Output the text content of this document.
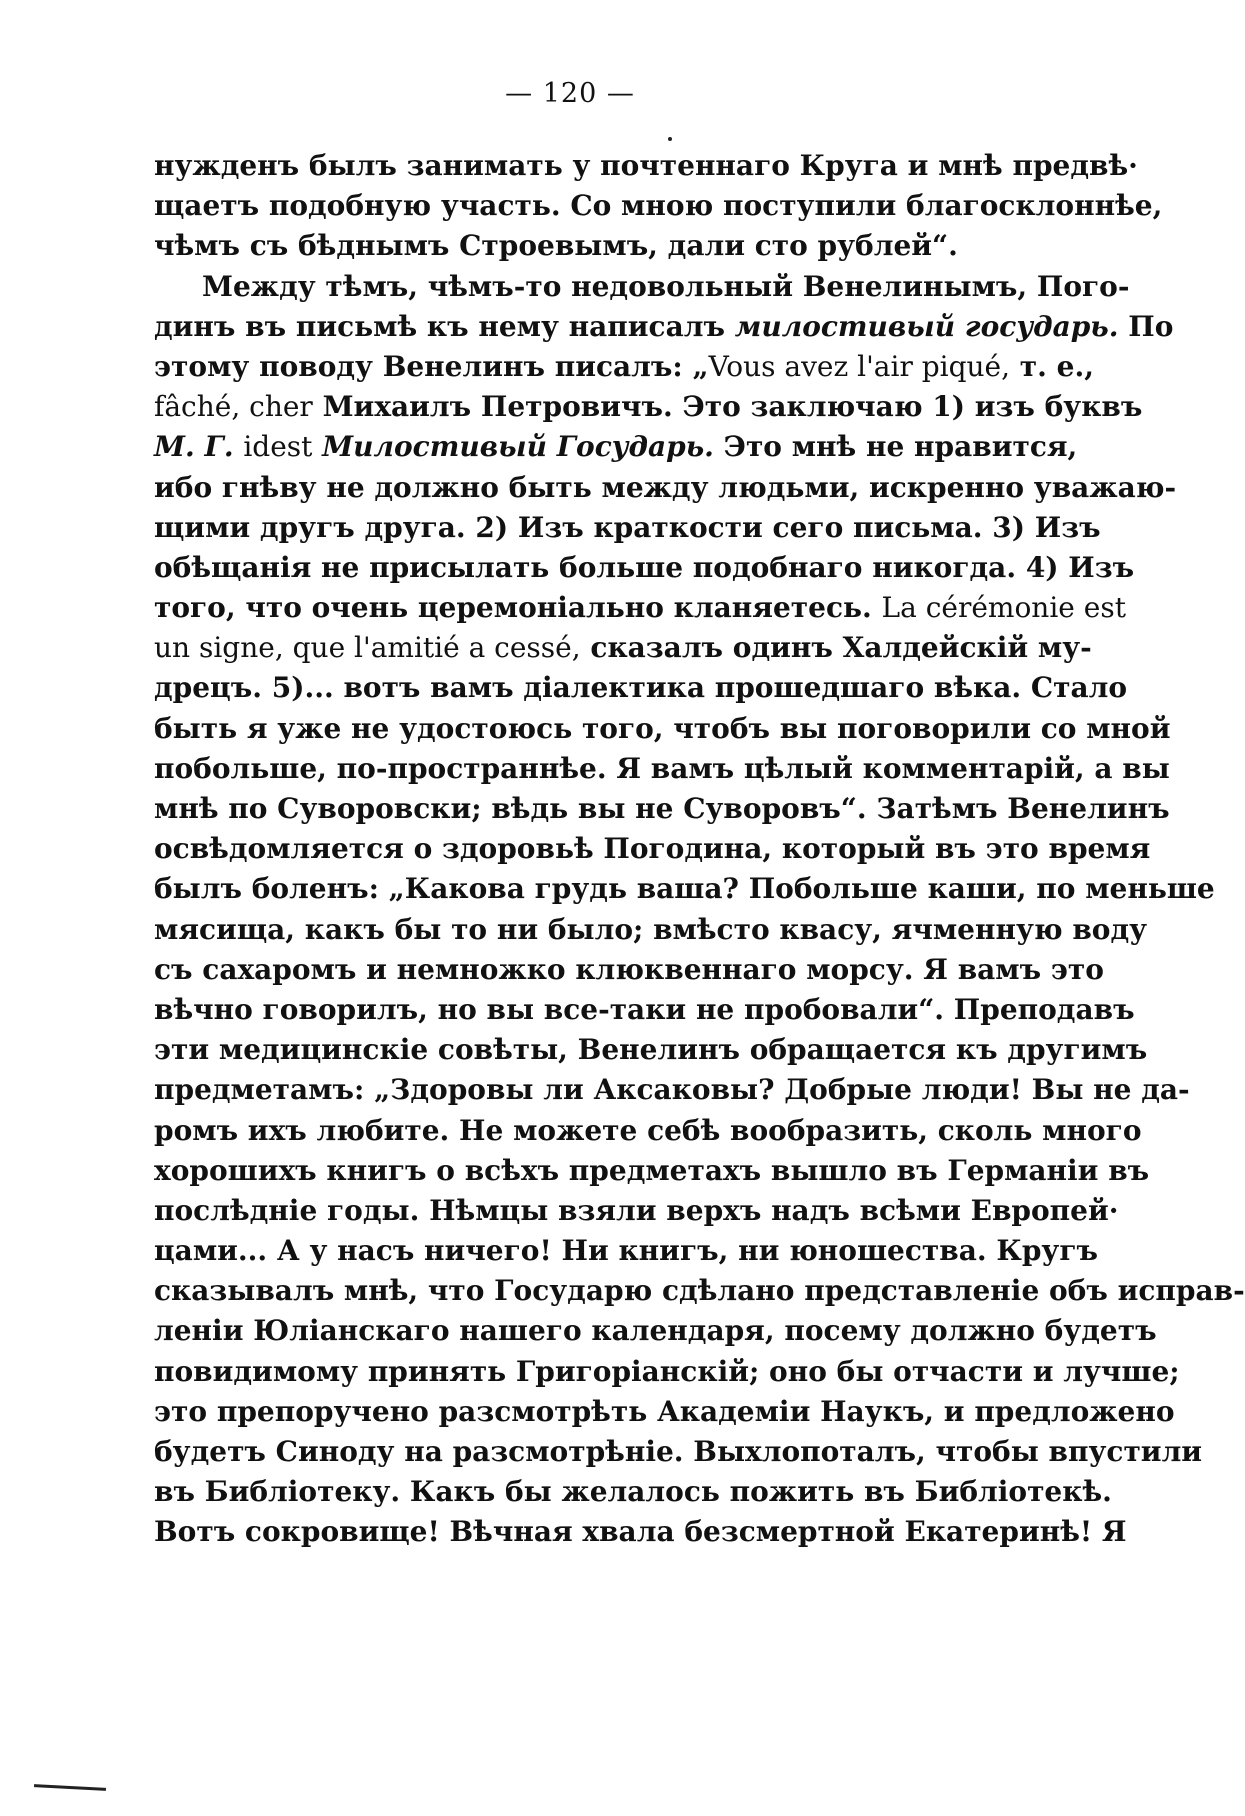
— 120 —
нужденъ былъ занимать у почтеннаго Круга и мнѣ предвѣ·
щаетъ подобную участь. Со мною поступили благосклоннѣе,
чѣмъ съ бѣднымъ Строевымъ, дали сто рублей“.
Между тѣмъ, чѣмъ-то недовольный Венелинымъ, Пого-
динъ въ письмѣ къ нему написалъ милостивый государь. По
этому поводу Венелинъ писалъ: „Vous avez l'air piqué, т. е.,
fâché, cher Михаилъ Петровичъ. Это заключаю 1) изъ буквъ
М. Г. idest Милостивый Государь. Это мнѣ не нравится,
ибо гнѣву не должно быть между людьми, искренно уважаю-
щими другъ друга. 2) Изъ краткости сего письма. 3) Изъ
обѣщанія не присылать больше подобнаго никогда. 4) Изъ
того, что очень церемоніально кланяетесь. La cérémonie est
un signe, que l'amitié a cessé, сказалъ одинъ Халдейскій му-
дрецъ. 5)... вотъ вамъ діалектика прошедшаго вѣка. Стало
быть я уже не удостоюсь того, чтобъ вы поговорили со мной
побольше, по-пространнѣе. Я вамъ цѣлый комментарій, а вы
мнѣ по Суворовски; вѣдь вы не Суворовъ“. Затѣмъ Венелинъ
освѣдомляется о здоровьѣ Погодина, который въ это время
былъ боленъ: „Какова грудь ваша? Побольше каши, по меньше
мясища, какъ бы то ни было; вмѣсто квасу, ячменную воду
съ сахаромъ и немножко клюквеннаго морсу. Я вамъ это
вѣчно говорилъ, но вы все-таки не пробовали“. Преподавъ
эти медицинскіе совѣты, Венелинъ обращается къ другимъ
предметамъ: „Здоровы ли Аксаковы? Добрые люди! Вы не да-
ромъ ихъ любите. Не можете себѣ вообразить, сколь много
хорошихъ книгъ о всѣхъ предметахъ вышло въ Германіи въ
послѣдніе годы. Нѣмцы взяли верхъ надъ всѣми Европей·
цами... А у насъ ничего! Ни книгъ, ни юношества. Кругъ
сказывалъ мнѣ, что Государю сдѣлано представленіе объ исправ-
леніи Юліанскаго нашего календаря, посему должно будетъ
повидимому принять Григоріанскій; оно бы отчасти и лучше;
это препоручено разсмотрѣть Академіи Наукъ, и предложено
будетъ Синоду на разсмотрѣніе. Выхлопоталъ, чтобы впустили
въ Библіотеку. Какъ бы желалось пожить въ Библіотекѣ.
Вотъ сокровище! Вѣчная хвала безсмертной Екатеринѣ! Я
